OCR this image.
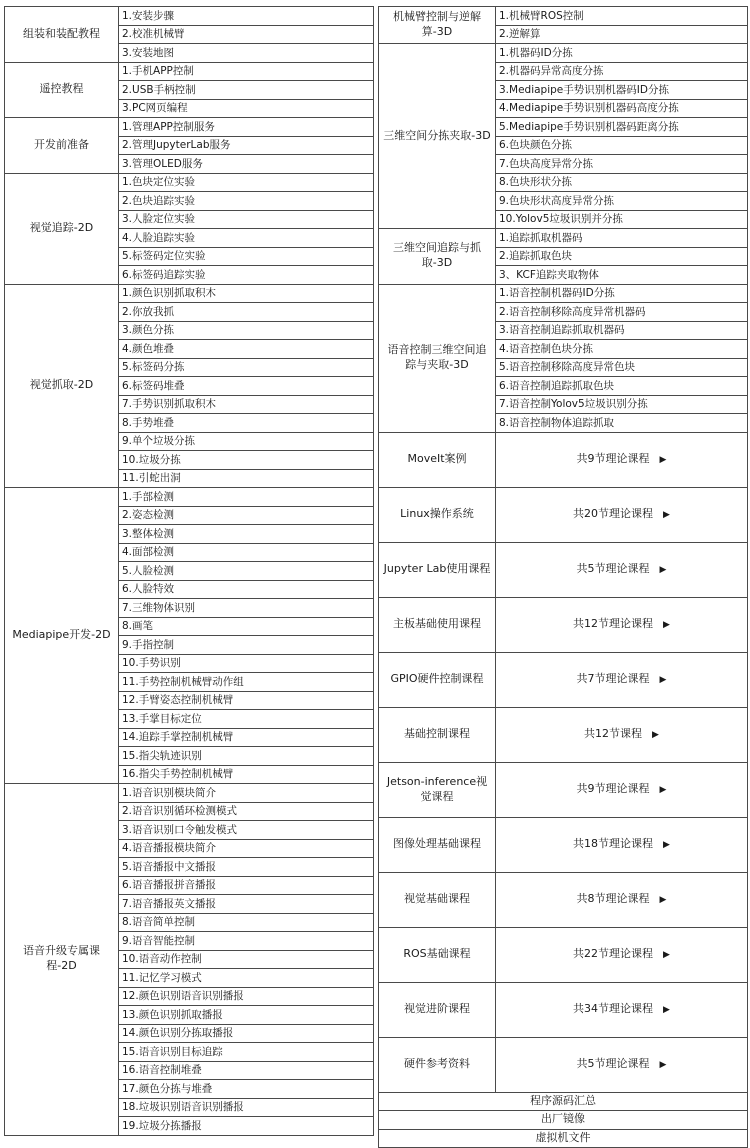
组装和装配教程	1.安装步骤
	2.校准机械臂
	3.安装地图
遥控教程	1.手机APP控制
	2.USB手柄控制
	3.PC网页编程
开发前准备	1.管理APP控制服务
	2.管理JupyterLab服务
	3.管理OLED服务
视觉追踪-2D	1.色块定位实验
	2.色块追踪实验
	3.人脸定位实验
	4.人脸追踪实验
	5.标签码定位实验
	6.标签码追踪实验
视觉抓取-2D	1.颜色识别抓取积木
	2.你放我抓
	3.颜色分拣
	4.颜色堆叠
	5.标签码分拣
	6.标签码堆叠
	7.手势识别抓取积木
	8.手势堆叠
	9.单个垃圾分拣
	10.垃圾分拣
	11.引蛇出洞
Mediapipe开发-2D	1.手部检测
	2.姿态检测
	3.整体检测
	4.面部检测
	5.人脸检测
	6.人脸特效
	7.三维物体识别
	8.画笔
	9.手指控制
	10.手势识别
	11.手势控制机械臂动作组
	12.手臂姿态控制机械臂
	13.手掌目标定位
	14.追踪手掌控制机械臂
	15.指尖轨迹识别
	16.指尖手势控制机械臂
语音升级专属课程-2D	1.语音识别模块简介
	2.语音识别循环检测模式
	3.语音识别口令触发模式
	4.语音播报模块简介
	5.语音播报中文播报
	6.语音播报拼音播报
	7.语音播报英文播报
	8.语音简单控制
	9.语音智能控制
	10.语音动作控制
	11.记忆学习模式
	12.颜色识别语音识别播报
	13.颜色识别抓取播报
	14.颜色识别分拣取播报
	15.语音识别目标追踪
	16.语音控制堆叠
	17.颜色分拣与堆叠
	18.垃圾识别语音识别播报
	19.垃圾分拣播报
机械臂控制与逆解算-3D	1.机械臂ROS控制
	2.逆解算
三维空间分拣夹取-3D	1.机器码ID分拣
	2.机器码异常高度分拣
	3.Mediapipe手势识别机器码ID分拣
	4.Mediapipe手势识别机器码高度分拣
	5.Mediapipe手势识别机器码距离分拣
	6.色块颜色分拣
	7.色块高度异常分拣
	8.色块形状分拣
	9.色块形状高度异常分拣
	10.Yolov5垃圾识别并分拣
三维空间追踪与抓取-3D	1.追踪抓取机器码
	2.追踪抓取色块
	3、KCF追踪夹取物体
语音控制三维空间追踪与夹取-3D	1.语音控制机器码ID分拣
	2.语音控制移除高度异常机器码
	3.语音控制追踪抓取机器码
	4.语音控制色块分拣
	5.语音控制移除高度异常色块
	6.语音控制追踪抓取色块
	7.语音控制Yolov5垃圾识别分拣
	8.语音控制物体追踪抓取
MoveIt案例	共9节理论课程 ▶
Linux操作系统	共20节理论课程 ▶
Jupyter Lab使用课程	共5节理论课程 ▶
主板基础使用课程	共12节理论课程 ▶
GPIO硬件控制课程	共7节理论课程 ▶
基础控制课程	共12节课程 ▶
Jetson-inference视觉课程	共9节理论课程 ▶
图像处理基础课程	共18节理论课程 ▶
视觉基础课程	共8节理论课程 ▶
ROS基础课程	共22节理论课程 ▶
视觉进阶课程	共34节理论课程 ▶
硬件参考资料	共5节理论课程 ▶
程序源码汇总	
出厂镜像	
虚拟机文件	
